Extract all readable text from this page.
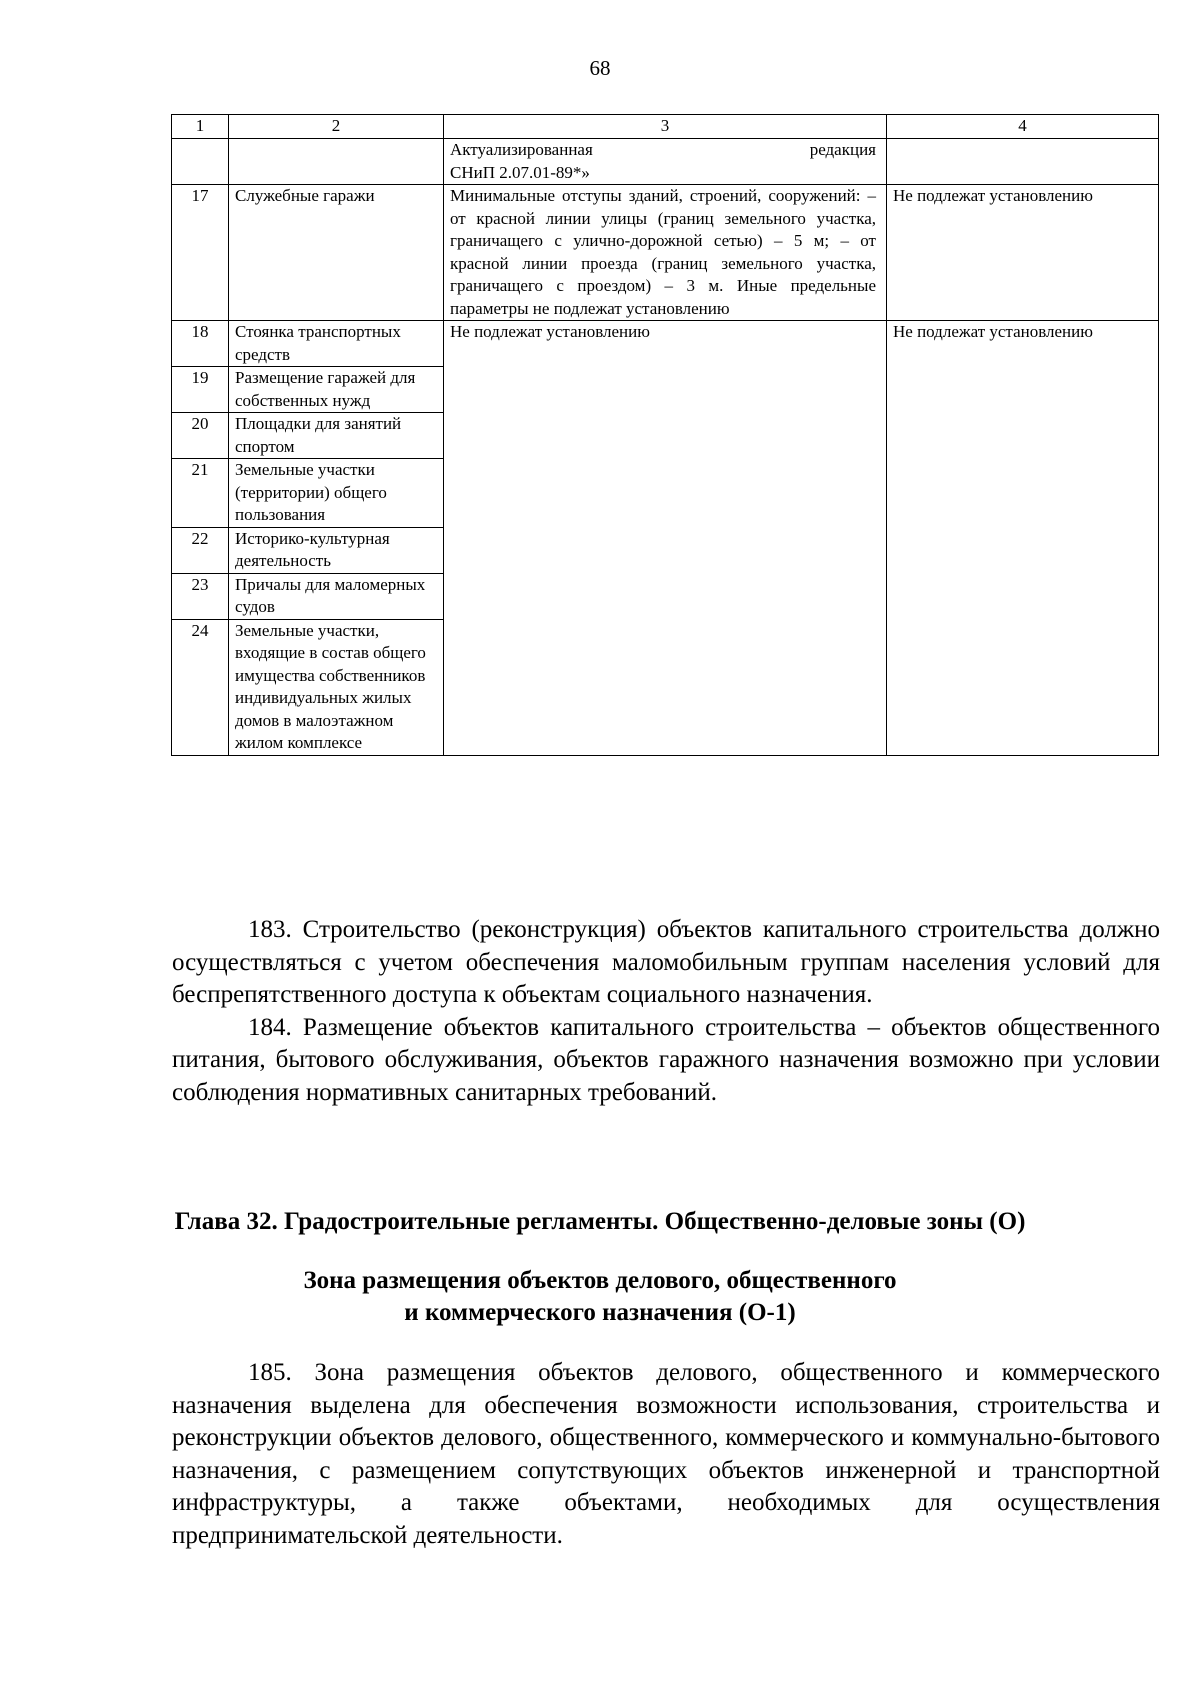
68
1	2	3	4

		Актуализированная редакция
СНиП 2.07.01-89*»	

17	Служебные гаражи	Минимальные отступы зданий, строений, сооружений: – от красной линии улицы (границ земельного участка, граничащего с улично-дорожной сетью) – 5 м; – от красной линии проезда (границ земельного участка, граничащего с проездом) – 3 м. Иные предельные параметры не подлежат установлению	Не подлежат установлению
18	Стоянка транспортных средств	Не подлежат установлению	Не подлежат установлению
19	Размещение гаражей для собственных нужд		
20	Площадки для занятий спортом		
21	Земельные участки (территории) общего пользования		
22	Историко-культурная деятельность		
23	Причалы для маломерных судов		
24	Земельные участки, входящие в состав общего имущества собственников индивидуальных жилых домов в малоэтажном жилом комплексе		

183. Строительство (реконструкция) объектов капитального строительства должно осуществляться с учетом обеспечения маломобильным группам населения условий для беспрепятственного доступа к объектам социального назначения.

184. Размещение объектов капитального строительства – объектов общественного питания, бытового обслуживания, объектов гаражного назначения возможно при условии соблюдения нормативных санитарных требований.

Глава 32. Градостроительные регламенты. Общественно-деловые зоны (О)
Зона размещения объектов делового, общественного
и коммерческого назначения (О-1)

185. Зона размещения объектов делового, общественного и коммерческого назначения выделена для обеспечения возможности использования, строительства и реконструкции объектов делового, общественного, коммерческого и коммунально-бытового назначения, с размещением сопутствующих объектов инженерной и транспортной инфраструктуры, а также объектами, необходимых для осуществления предпринимательской деятельности.
